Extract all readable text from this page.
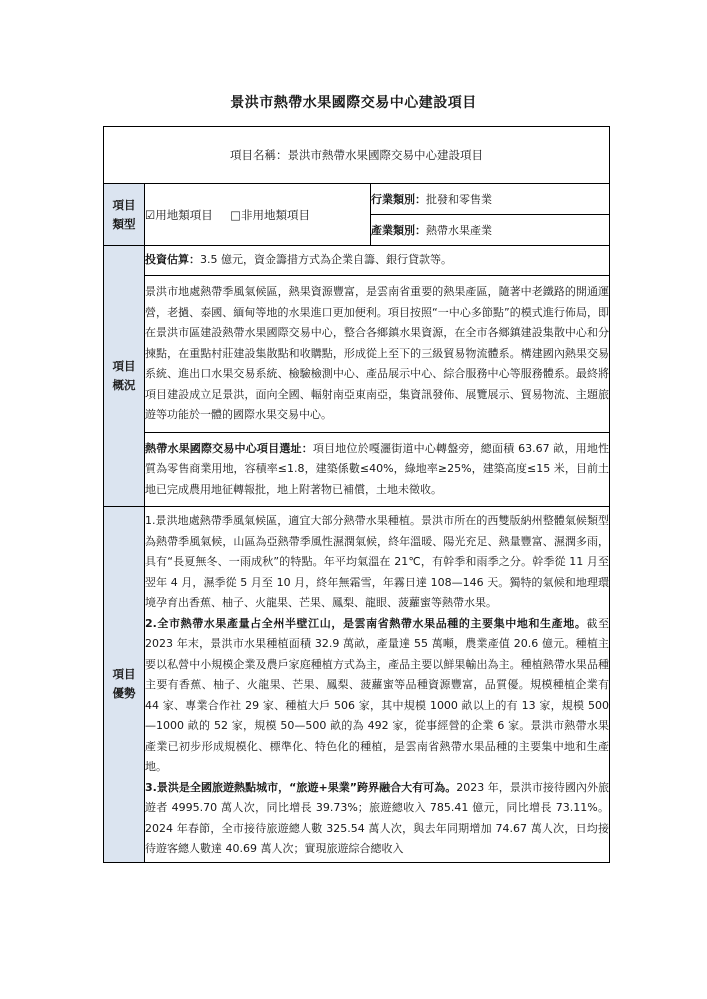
景洪市熱帶水果國際交易中心建設項目
項目名稱：景洪市熱帶水果國際交易中心建設項目		
項目類型	☑用地類項目 □非用地類項目	行業類別：批發和零售業
		產業類別：熱帶水果產業
項目概況	投資估算：3.5 億元，資金籌措方式為企業自籌、銀行貸款等。	

	景洪市地處熱帶季風氣候區，熱果資源豐富，是雲南省重要的熱果產區，隨著中老鐵路的開通運營，老撾、泰國、緬甸等地的水果進口更加便利。項目按照“一中心多節點”的模式進行佈局，即在景洪市區建設熱帶水果國際交易中心，整合各鄉鎮水果資源，在全市各鄉鎮建設集散中心和分揀點，在重點村莊建設集散點和收購點，形成從上至下的三級貿易物流體系。構建國內熱果交易系統、進出口水果交易系統、檢驗檢測中心、產品展示中心、綜合服務中心等服務體系。最終將項目建設成立足景洪，面向全國、輻射南亞東南亞，集資訊發佈、展覽展示、貿易物流、主題旅遊等功能於一體的國際水果交易中心。	

	熱帶水果國際交易中心項目選址：項目地位於嘎灑街道中心轉盤旁，總面積 63.67 畝，用地性質為零售商業用地，容積率≤1.8，建築係數≤40%，綠地率≥25%，建築高度≤15 米，目前土地已完成農用地征轉報批，地上附著物已補償，土地未徵收。	

項目優勢	1.景洪地處熱帶季風氣候區，適宜大部分熱帶水果種植。景洪市所在的西雙版納州整體氣候類型為熱帶季風氣候，山區為亞熱帶季風性濕潤氣候，終年溫暖、陽光充足、熱量豐富、濕潤多雨，具有“長夏無冬、一雨成秋”的特點。年平均氣溫在 21℃，有幹季和雨季之分。幹季從 11 月至翌年 4 月，濕季從 5 月至 10 月，終年無霜雪，年霧日達 108—146 天。獨特的氣候和地理環境孕育出香蕉、柚子、火龍果、芒果、鳳梨、龍眼、菠蘿蜜等熱帶水果。

2.全市熱帶水果產量占全州半壁江山，是雲南省熱帶水果品種的主要集中地和生產地。截至 2023 年末，景洪市水果種植面積 32.9 萬畝，產量達 55 萬噸，農業產值 20.6 億元。種植主要以私營中小規模企業及農戶家庭種植方式為主，產品主要以鮮果輸出為主。種植熱帶水果品種主要有香蕉、柚子、火龍果、芒果、鳳梨、菠蘿蜜等品種資源豐富，品質優。規模種植企業有 44 家、專業合作社 29 家、種植大戶 506 家，其中規模 1000 畝以上的有 13 家，規模 500—1000 畝的 52 家，規模 50—500 畝的為 492 家，從事經營的企業 6 家。景洪市熱帶水果產業已初步形成規模化、標準化、特色化的種植，是雲南省熱帶水果品種的主要集中地和生產地。

3.景洪是全國旅遊熱點城市，“旅遊+果業”跨界融合大有可為。2023 年，景洪市接待國內外旅遊者 4995.70 萬人次，同比增長 39.73%；旅遊總收入 785.41 億元，同比增長 73.11%。2024 年春節，全市接待旅遊總人數 325.54 萬人次，與去年同期增加 74.67 萬人次，日均接待遊客總人數達 40.69 萬人次；實現旅遊綜合總收入	
